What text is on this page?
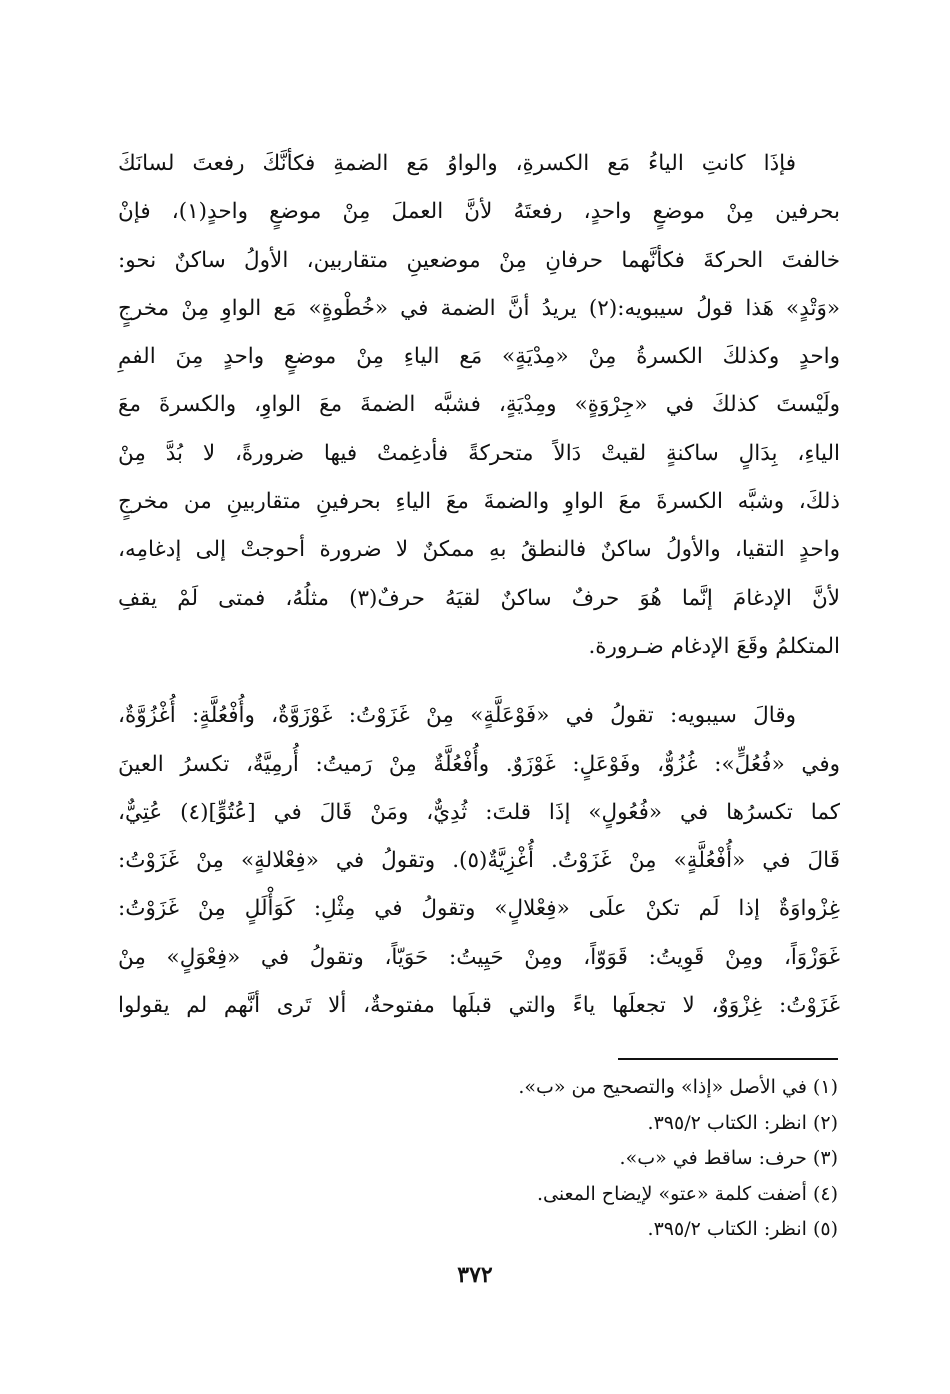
فإذَا كانتِ الياءُ مَع الكسرةِ، والواوُ مَع الضمةِ فكأنَّكَ رفعتَ لسانَكَ
بحرفين مِنْ موضعٍ واحدٍ، رفعتَهُ لأنَّ العملَ مِنْ موضعٍ واحدٍ(١)، فإنْ
خالفتَ الحركةَ فكأنَّهما حرفانِ مِنْ موضعينِ متقاربين، الأولُ ساكنٌ نحو:
«وَتْدٍ» هَذا قولُ سيبويه:(٢) يريدُ أنَّ الضمة في «خُطْوةٍ» مَع الواوِ مِنْ مخرجٍ
واحدٍ وكذلكَ الكسرةُ مِنْ «مِدْيَةٍ» مَع الياءِ مِنْ موضعٍ واحدٍ مِنَ الفمِ
ولَيْستَ كذلكَ في «جِرْوَةٍ» ومِدْيَةٍ، فشبَّه الضمةَ معَ الواوِ، والكسرةَ معَ
الياءِ، بِدَالٍ ساكنةٍ لقيتْ دَالاً متحركةً فأدغِمتْ فيها ضرورةً، لا بُدَّ مِنْ
ذلكَ، وشبَّه الكسرةَ معَ الواوِ والضمةَ معَ الياءِ بحرفينِ متقاربينِ من مخرجٍ
واحدٍ التقيا، والأولُ ساكنٌ فالنطقُ بهِ ممكنٌ لا ضرورة أحوجتْ إلى إدغامِه،
لأنَّ الإدغامَ إنَّما هُوَ حرفٌ ساكنٌ لقيَهُ حرفٌ(٣) مثلُهُ، فمتى لَمْ يقفِ
المتكلمُ وقَعَ الإدغام ضـرورة.
وقالَ سيبويه: تقولُ في «فَوْعَلَّةٍ» مِنْ غَزَوْتُ: غَوْزَوَّةٌ، وأُفْعُلَّةٍ: أُغْزُوَّةٌ،
وفي «فُعُلٍّ»: غُزُوٌّ، وفَوْعَلٍ: غَوْزَوٌ. وأُفْعُلَّةٌ مِنْ رَميتُ: أُرمِيَّةٌ، تكسرُ العينَ
كما تكسرُها في «فُعُولٍ» إذَا قلتَ: ثُدِيٌّ، ومَنْ قَالَ في [عُتُوٍّ](٤) عُتِيٌّ،
قَالَ في «أُفْعُلَّةٍ» مِنْ غَزَوْتُ. أُغْزِيَّةٌ(٥). وتقولُ في «فِعْلالةٍ» مِنْ غَزَوْتُ:
غِزْواوَةٌ إذا لَم تكنْ علَى «فِعْلالٍ» وتقولُ في مِثْلِ: كَوَأْلَلٍ مِنْ غَزَوْتُ:
غَوَزْوَاً، ومِنْ قَوِيتُ: قَوَوّاً، ومِنْ حَيِيتُ: حَوَيّاً، وتقولُ في «فِعْوَلٍ» مِنْ
غَزَوْتُ: غِزْوَوٌ، لا تجعلَها ياءً والتي قبلَها مفتوحةٌ، ألا تَرى أنَّهم لم يقولوا
(١) في الأصل «إذا» والتصحيح من «ب».
(٢) انظر: الكتاب ٣٩٥/٢.
(٣) حرف: ساقط في «ب».
(٤) أضفت كلمة «عتو» لإيضاح المعنى.
(٥) انظر: الكتاب ٣٩٥/٢.
٣٧٢
